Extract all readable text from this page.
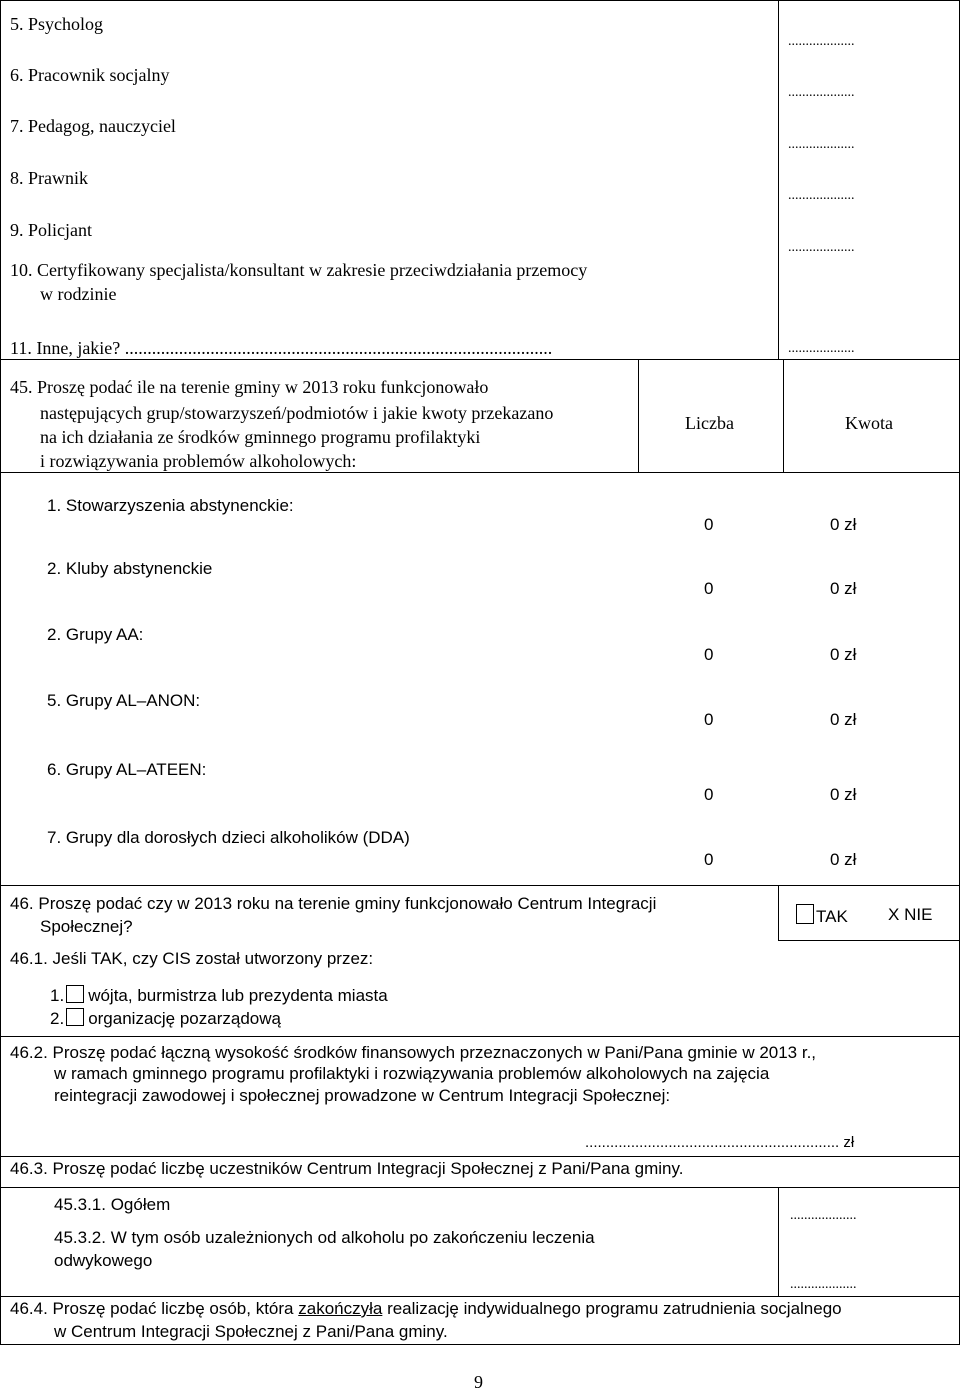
5. Psycholog
...................
6. Pracownik socjalny
...................
7. Pedagog, nauczyciel
...................
8. Prawnik
...................
9. Policjant
...................
10. Certyfikowany specjalista/konsultant w zakresie przeciwdziałania przemocy
w rodzinie
11. Inne, jakie? ...............................................................................................	...................
45. Proszę podać ile na terenie gminy w 2013 roku funkcjonowało
następujących grup/stowarzyszeń/podmiotów i jakie kwoty przekazano
na ich działania ze środków gminnego programu profilaktyki
i rozwiązywania problemów alkoholowych:
Liczba	Kwota
1. Stowarzyszenia abstynenckie:
0	0 zł
2. Kluby abstynenckie
0	0 zł
2. Grupy AA:
0	0 zł
5. Grupy AL–ANON:
0	0 zł
6. Grupy AL–ATEEN:
0	0 zł
7. Grupy dla dorosłych dzieci alkoholików (DDA)
0	0 zł
46. Proszę podać czy w 2013 roku na terenie gminy funkcjonowało Centrum Integracji
Społecznej?
TAK X NIE
46.1. Jeśli TAK, czy CIS został utworzony przez:
1. wójta, burmistrza lub prezydenta miasta
2. organizację pozarządową
46.2. Proszę podać łączną wysokość środków finansowych przeznaczonych w Pani/Pana gminie w 2013 r.,
w ramach gminnego programu profilaktyki i rozwiązywania problemów alkoholowych na zajęcia
reintegracji zawodowej i społecznej prowadzone w Centrum Integracji Społecznej:
............................................................. zł
46.3. Proszę podać liczbę uczestników Centrum Integracji Społecznej z Pani/Pana gminy.
45.3.1. Ogółem
...................
45.3.2. W tym osób uzależnionych od alkoholu po zakończeniu leczenia
odwykowego
...................
46.4. Proszę podać liczbę osób, która zakończyła realizację indywidualnego programu zatrudnienia socjalnego
w Centrum Integracji Społecznej z Pani/Pana gminy.
9
